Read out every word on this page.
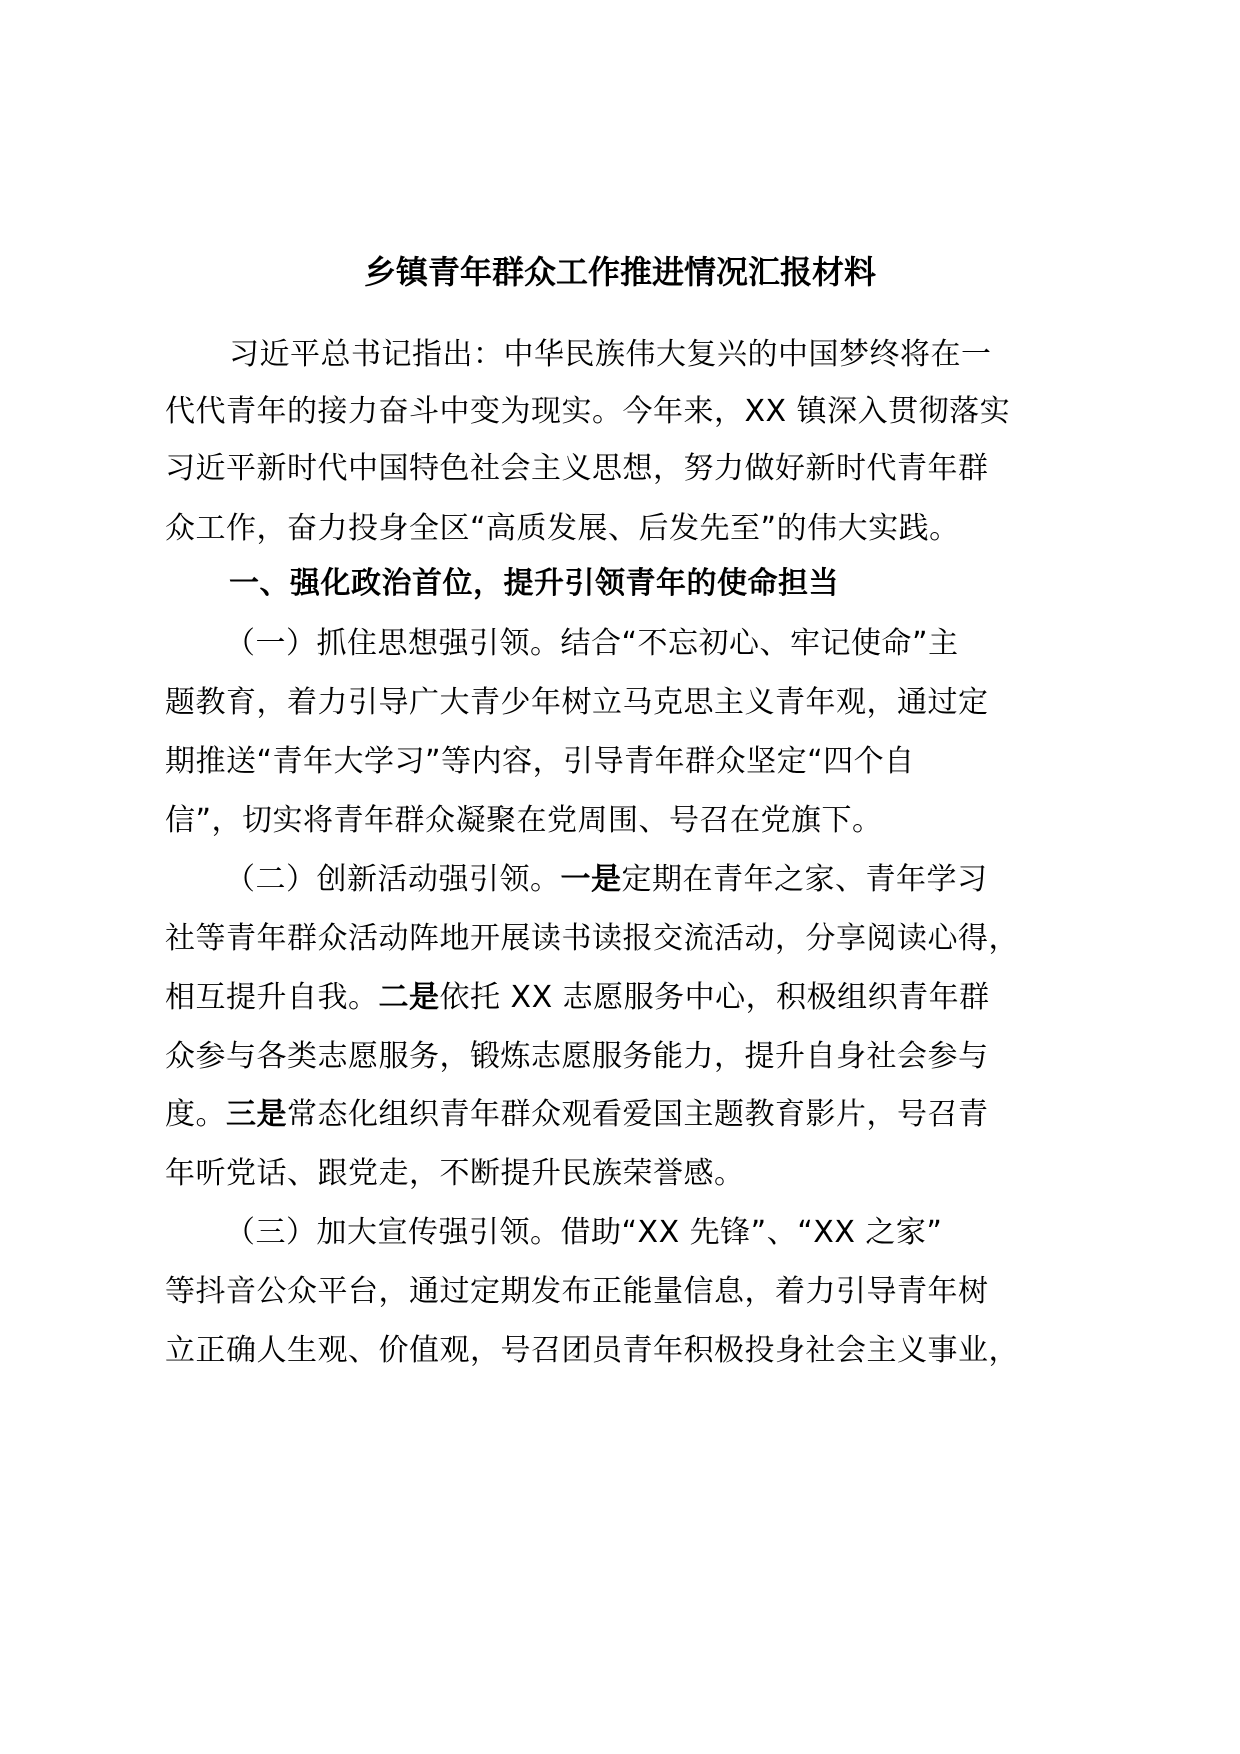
乡镇青年群众工作推进情况汇报材料
习近平总书记指出：中华民族伟大复兴的中国梦终将在一
代代青年的接力奋斗中变为现实。今年来，XX 镇深入贯彻落实
习近平新时代中国特色社会主义思想，努力做好新时代青年群
众工作，奋力投身全区“高质发展、后发先至”的伟大实践。
一、强化政治首位，提升引领青年的使命担当
（一）抓住思想强引领。结合“不忘初心、牢记使命”主
题教育，着力引导广大青少年树立马克思主义青年观，通过定
期推送“青年大学习”等内容，引导青年群众坚定“四个自
信”，切实将青年群众凝聚在党周围、号召在党旗下。
（二）创新活动强引领。一是定期在青年之家、青年学习
社等青年群众活动阵地开展读书读报交流活动，分享阅读心得，
相互提升自我。二是依托 XX 志愿服务中心，积极组织青年群
众参与各类志愿服务，锻炼志愿服务能力，提升自身社会参与
度。三是常态化组织青年群众观看爱国主题教育影片，号召青
年听党话、跟党走，不断提升民族荣誉感。
（三）加大宣传强引领。借助“XX 先锋”、“XX 之家”
等抖音公众平台，通过定期发布正能量信息，着力引导青年树
立正确人生观、价值观，号召团员青年积极投身社会主义事业，
